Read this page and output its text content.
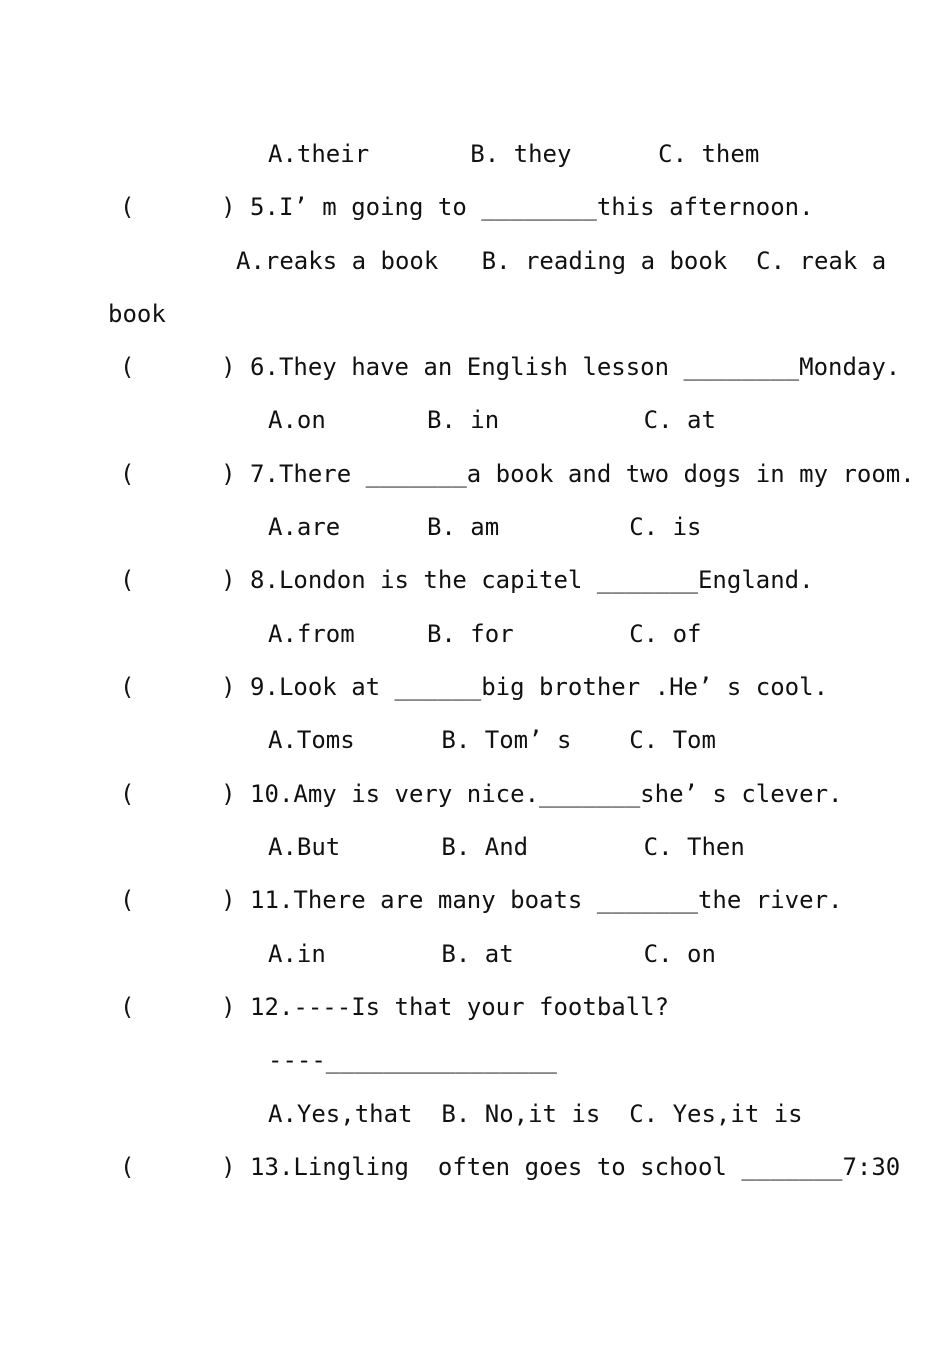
A.their       B. they      C. them
(      ) 5.I’ m going to ________this afternoon.
A.reaks a book   B. reading a book  C. reak a
book
(      ) 6.They have an English lesson ________Monday.
A.on       B. in          C. at
(      ) 7.There _______a book and two dogs in my room.
A.are      B. am         C. is
(      ) 8.London is the capitel _______England.
A.from     B. for        C. of
(      ) 9.Look at ______big brother .He’ s cool.
A.Toms      B. Tom’ s    C. Tom
(      ) 10.Amy is very nice._______she’ s clever.
A.But       B. And        C. Then
(      ) 11.There are many boats _______the river.
A.in        B. at         C. on
(      ) 12.----Is that your football?
----________________
A.Yes,that  B. No,it is  C. Yes,it is
(      ) 13.Lingling  often goes to school _______7:30
